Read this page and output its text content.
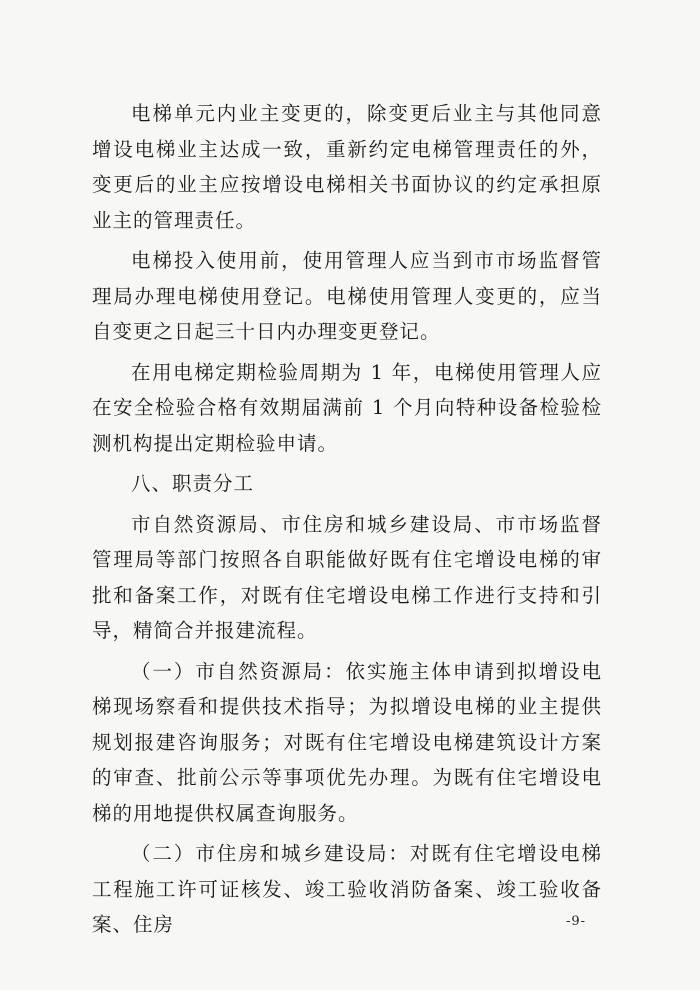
电梯单元内业主变更的，除变更后业主与其他同意增设电梯业主达成一致，重新约定电梯管理责任的外，变更后的业主应按增设电梯相关书面协议的约定承担原业主的管理责任。

电梯投入使用前，使用管理人应当到市市场监督管理局办理电梯使用登记。电梯使用管理人变更的，应当自变更之日起三十日内办理变更登记。

在用电梯定期检验周期为 1 年，电梯使用管理人应在安全检验合格有效期届满前 1 个月向特种设备检验检测机构提出定期检验申请。

八、职责分工

市自然资源局、市住房和城乡建设局、市市场监督管理局等部门按照各自职能做好既有住宅增设电梯的审批和备案工作，对既有住宅增设电梯工作进行支持和引导，精简合并报建流程。

（一）市自然资源局：依实施主体申请到拟增设电梯现场察看和提供技术指导；为拟增设电梯的业主提供规划报建咨询服务；对既有住宅增设电梯建筑设计方案的审查、批前公示等事项优先办理。为既有住宅增设电梯的用地提供权属查询服务。

（二）市住房和城乡建设局：对既有住宅增设电梯工程施工许可证核发、竣工验收消防备案、竣工验收备案、住房	-9-
